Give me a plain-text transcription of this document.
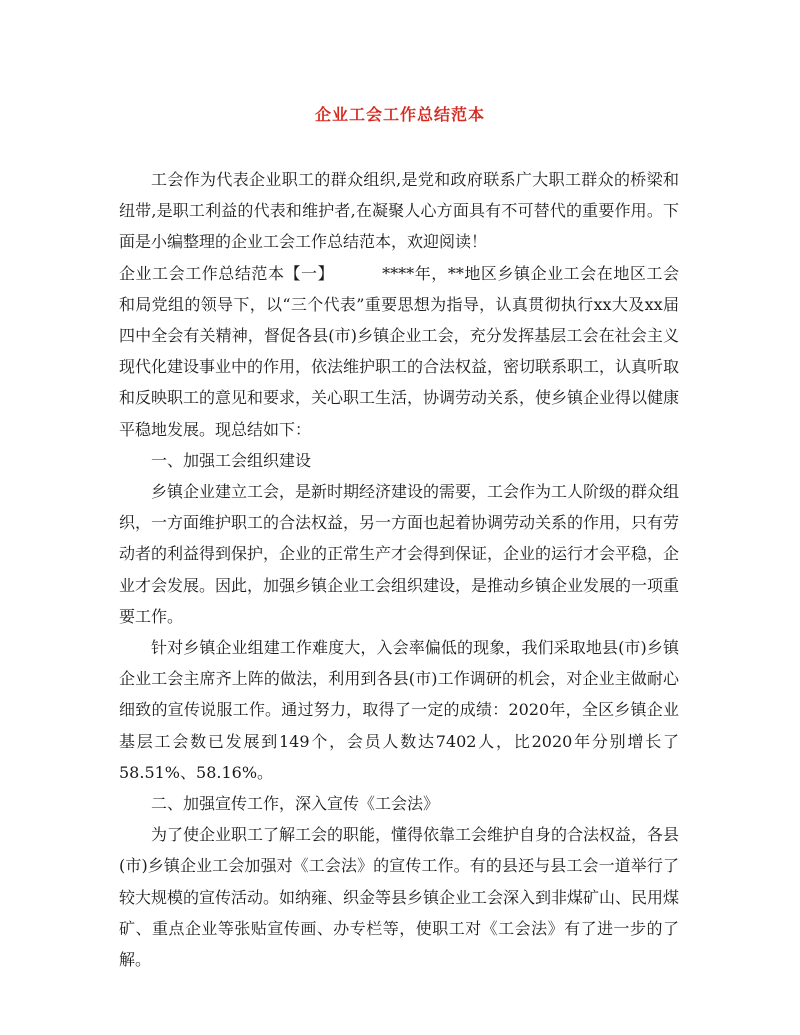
企业工会工作总结范本

工会作为代表企业职工的群众组织,是党和政府联系广大职工群众的桥梁和纽带,是职工利益的代表和维护者,在凝聚人心方面具有不可替代的重要作用。下面是小编整理的企业工会工作总结范本，欢迎阅读！

企业工会工作总结范本【一】	****年，**地区乡镇企业工会在地区工会和局党组的领导下，以“三个代表”重要思想为指导，认真贯彻执行xx大及xx届四中全会有关精神，督促各县(市)乡镇企业工会，充分发挥基层工会在社会主义现代化建设事业中的作用，依法维护职工的合法权益，密切联系职工，认真听取和反映职工的意见和要求，关心职工生活，协调劳动关系，使乡镇企业得以健康平稳地发展。现总结如下：

一、加强工会组织建设

乡镇企业建立工会，是新时期经济建设的需要，工会作为工人阶级的群众组织，一方面维护职工的合法权益，另一方面也起着协调劳动关系的作用，只有劳动者的利益得到保护，企业的正常生产才会得到保证，企业的运行才会平稳，企业才会发展。因此，加强乡镇企业工会组织建设，是推动乡镇企业发展的一项重要工作。

针对乡镇企业组建工作难度大，入会率偏低的现象，我们采取地县(市)乡镇企业工会主席齐上阵的做法，利用到各县(市)工作调研的机会，对企业主做耐心细致的宣传说服工作。通过努力，取得了一定的成绩：2020年，全区乡镇企业基层工会数已发展到149个，会员人数达7402人，比2020年分别增长了58.51%、58.16%。

二、加强宣传工作，深入宣传《工会法》

为了使企业职工了解工会的职能，懂得依靠工会维护自身的合法权益，各县(市)乡镇企业工会加强对《工会法》的宣传工作。有的县还与县工会一道举行了较大规模的宣传活动。如纳雍、织金等县乡镇企业工会深入到非煤矿山、民用煤矿、重点企业等张贴宣传画、办专栏等，使职工对《工会法》有了进一步的了解。
